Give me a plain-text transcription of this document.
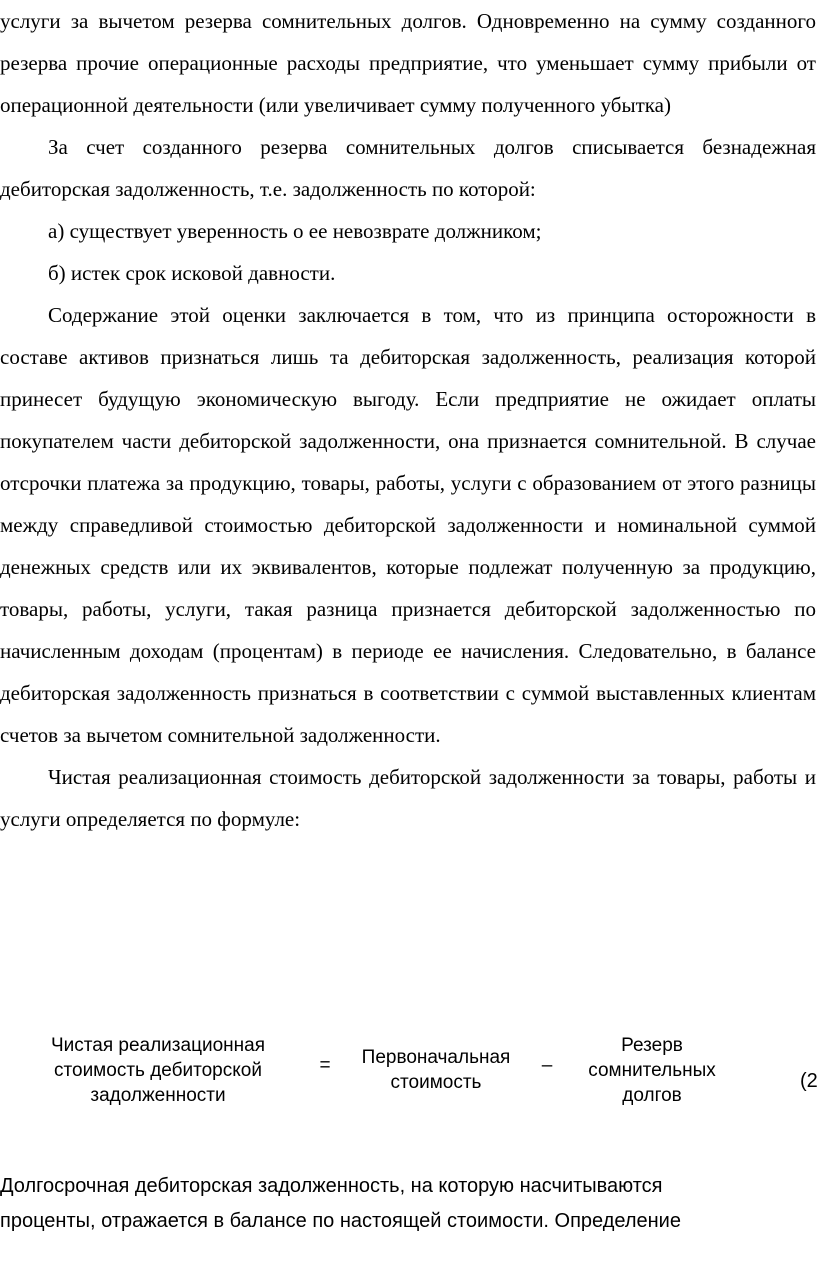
услуги за вычетом резерва сомнительных долгов. Одновременно на сумму созданного резерва прочие операционные расходы предприятие, что уменьшает сумму прибыли от операционной деятельности (или увеличивает сумму полученного убытка)

За счет созданного резерва сомнительных долгов списывается безнадежная дебиторская задолженность, т.е. задолженность по которой:

а) существует уверенность о ее невозврате должником;

б) истек срок исковой давности.

Содержание этой оценки заключается в том, что из принципа осторожности в составе активов признаться лишь та дебиторская задолженность, реализация которой принесет будущую экономическую выгоду. Если предприятие не ожидает оплаты покупателем части дебиторской задолженности, она признается сомнительной. В случае отсрочки платежа за продукцию, товары, работы, услуги с образованием от этого разницы между справедливой стоимостью дебиторской задолженности и номинальной суммой денежных средств или их эквивалентов, которые подлежат полученную за продукцию, товары, работы, услуги, такая разница признается дебиторской задолженностью по начисленным доходам (процентам) в периоде ее начисления. Следовательно, в балансе дебиторская задолженность признаться в соответствии с суммой выставленных клиентам счетов за вычетом сомнительной задолженности.

Чистая реализационная стоимость дебиторской задолженности за товары, работы и услуги определяется по формуле:

Чистая реализационная
стоимость дебиторской
задолженности
=	Первоначальная
стоимость
–
Резерв
сомнительных
долгов
(2

Долгосрочная дебиторская задолженность, на которую насчитываются

проценты, отражается в балансе по настоящей стоимости. Определение
